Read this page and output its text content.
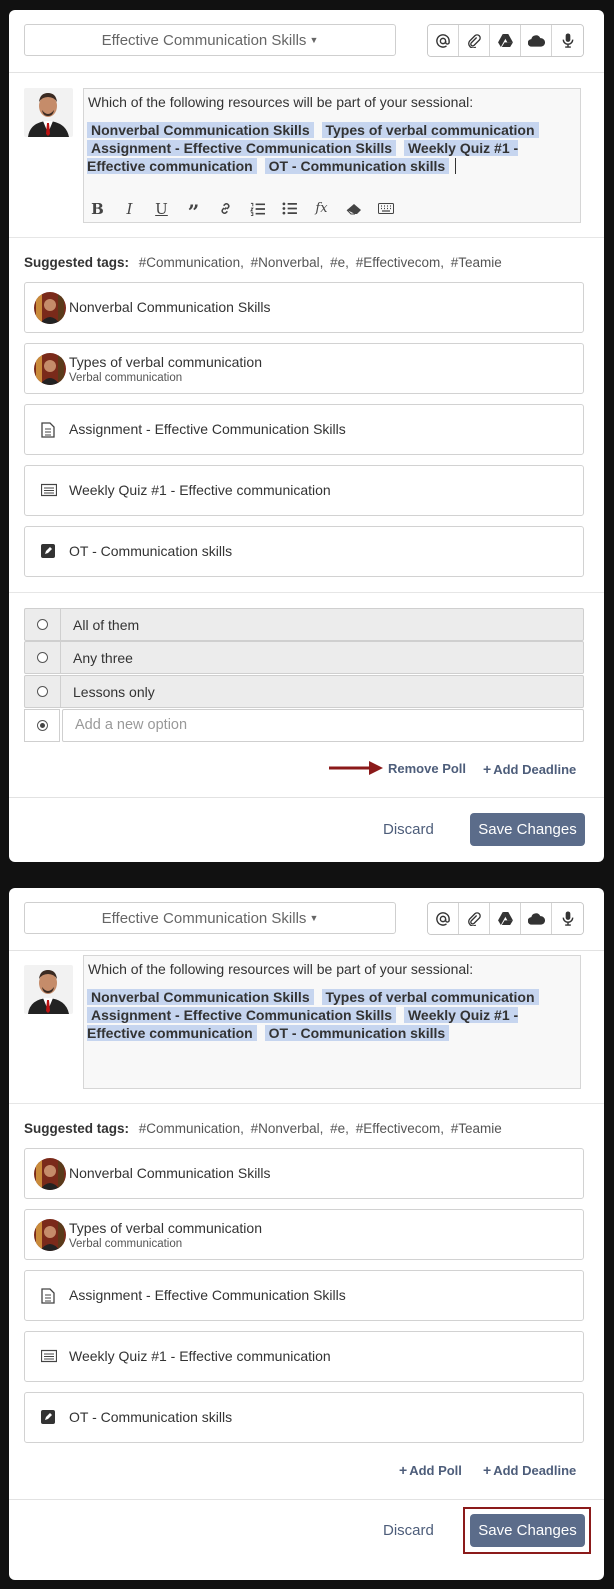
Effective Communication Skills ▼
Which of the following resources will be part of your sessional:
Nonverbal Communication Skills Types of verbal communication
Assignment - Effective Communication Skills Weekly Quiz #1 - Effective communication OT - Communication skills
B	I	U ”	fx
Suggested tags: #Communication, #Nonverbal, #e, #Effectivecom, #Teamie
Nonverbal Communication Skills
Types of verbal communication
Verbal communication
Assignment - Effective Communication Skills
Weekly Quiz #1 - Effective communication
OT - Communication skills
All of them
Any three
Lessons only
Add a new option
Remove Poll + Add Deadline
Discard	Save Changes
Effective Communication Skills ▼
Which of the following resources will be part of your sessional:
Nonverbal Communication Skills Types of verbal communication
Assignment - Effective Communication Skills Weekly Quiz #1 - Effective communication OT - Communication skills
Suggested tags: #Communication, #Nonverbal, #e, #Effectivecom, #Teamie
Nonverbal Communication Skills
Types of verbal communication
Verbal communication
Assignment - Effective Communication Skills
Weekly Quiz #1 - Effective communication
OT - Communication skills
+ Add Poll + Add Deadline
Discard	Save Changes
